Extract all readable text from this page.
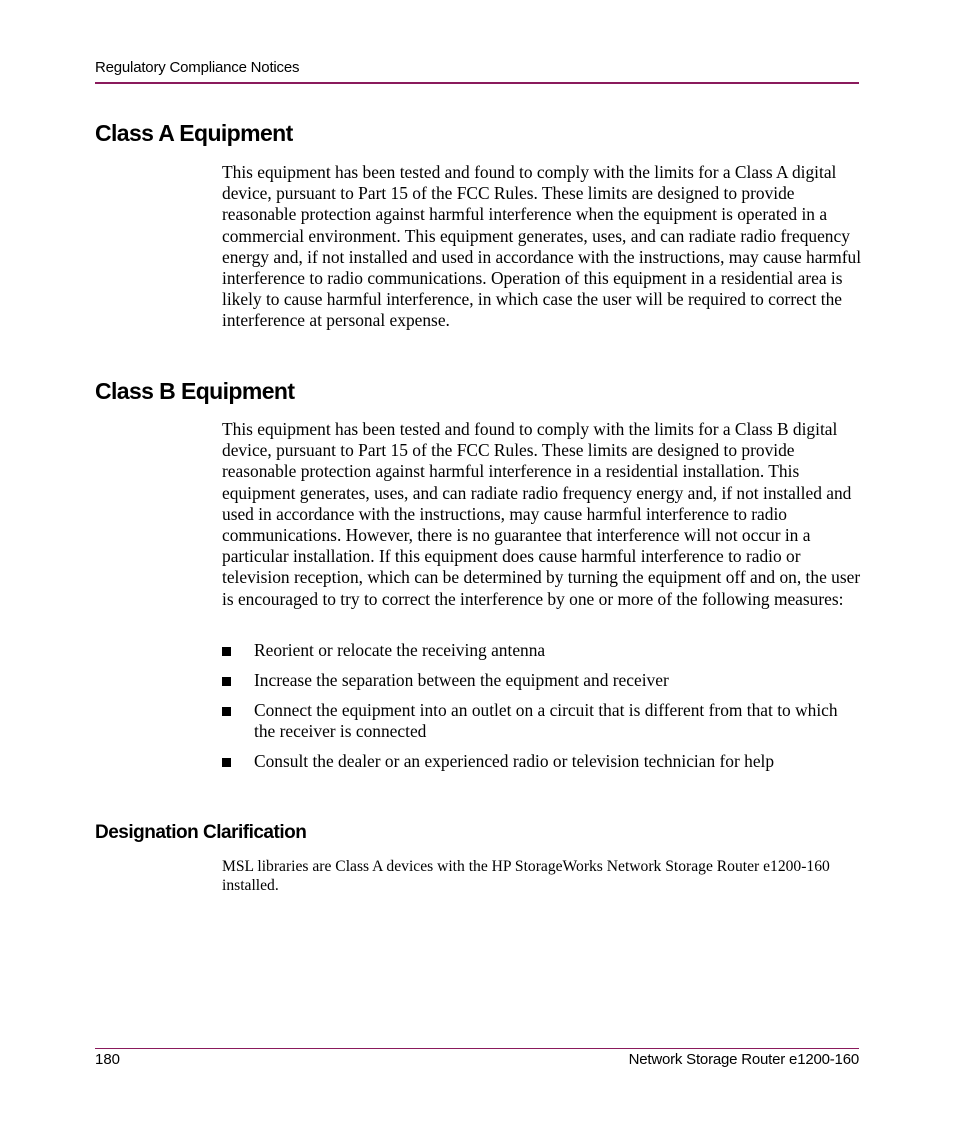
Regulatory Compliance Notices
Class A Equipment

This equipment has been tested and found to comply with the limits for a Class A digital device, pursuant to Part 15 of the FCC Rules. These limits are designed to provide reasonable protection against harmful interference when the equipment is operated in a commercial environment. This equipment generates, uses, and can radiate radio frequency energy and, if not installed and used in accordance with the instructions, may cause harmful interference to radio communications. Operation of this equipment in a residential area is likely to cause harmful interference, in which case the user will be required to correct the interference at personal expense.

Class B Equipment

This equipment has been tested and found to comply with the limits for a Class B digital device, pursuant to Part 15 of the FCC Rules. These limits are designed to provide reasonable protection against harmful interference in a residential installation. This equipment generates, uses, and can radiate radio frequency energy and, if not installed and used in accordance with the instructions, may cause harmful interference to radio communications. However, there is no guarantee that interference will not occur in a particular installation. If this equipment does cause harmful interference to radio or television reception, which can be determined by turning the equipment off and on, the user is encouraged to try to correct the interference by one or more of the following measures:

Reorient or relocate the receiving antenna
Increase the separation between the equipment and receiver
Connect the equipment into an outlet on a circuit that is different from that to which the receiver is connected
Consult the dealer or an experienced radio or television technician for help
Designation Clarification

MSL libraries are Class A devices with the HP StorageWorks Network Storage Router e1200-160 installed.

180	Network Storage Router e1200-160
